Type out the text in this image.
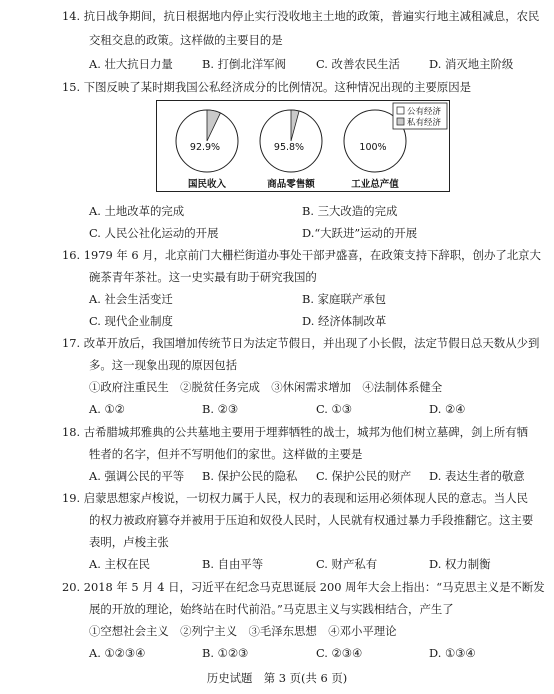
14. 抗日战争期间，抗日根据地内停止实行没收地主土地的政策，普遍实行地主减租减息，农民
交租交息的政策。这样做的主要目的是
A. 壮大抗日力量	B. 打倒北洋军阀	C. 改善农民生活	D. 消灭地主阶级
15. 下图反映了某时期我国公私经济成分的比例情况。这种情况出现的主要原因是
92.9%
国民收入
95.8%
商品零售额
100%
工业总产值
公有经济
私有经济
A. 土地改革的完成	B. 三大改造的完成
C. 人民公社化运动的开展	D.“大跃进”运动的开展
16. 1979 年 6 月，北京前门大栅栏街道办事处干部尹盛喜，在政策支持下辞职，创办了北京大
碗茶青年茶社。这一史实最有助于研究我国的
A. 社会生活变迁	B. 家庭联产承包
C. 现代企业制度	D. 经济体制改革
17. 改革开放后，我国增加传统节日为法定节假日，并出现了小长假，法定节假日总天数从少到
多。这一现象出现的原因包括
①政府注重民生　②脱贫任务完成　③休闲需求增加　④法制体系健全
A. ①②	B. ②③	C. ①③	D. ②④
18. 古希腊城邦雅典的公共墓地主要用于埋葬牺牲的战士，城邦为他们树立墓碑，剑上所有牺
牲者的名字，但并不写明他们的家世。这样做的主要是
A. 强调公民的平等 B. 保护公民的隐私 C. 保护公民的财产 D. 表达生者的敬意
19. 启蒙思想家卢梭说，一切权力属于人民，权力的表现和运用必须体现人民的意志。当人民
的权力被政府篡夺并被用于压迫和奴役人民时，人民就有权通过暴力手段推翻它。这主要
表明，卢梭主张
A. 主权在民	B. 自由平等	C. 财产私有	D. 权力制衡
20. 2018 年 5 月 4 日，习近平在纪念马克思诞辰 200 周年大会上指出：“马克思主义是不断发
展的开放的理论，始终站在时代前沿。”马克思主义与实践相结合，产生了
①空想社会主义　②列宁主义　③毛泽东思想　④邓小平理论
A. ①②③④	B. ①②③	C. ②③④	D. ①③④
历史试题　第 3 页(共 6 页)
